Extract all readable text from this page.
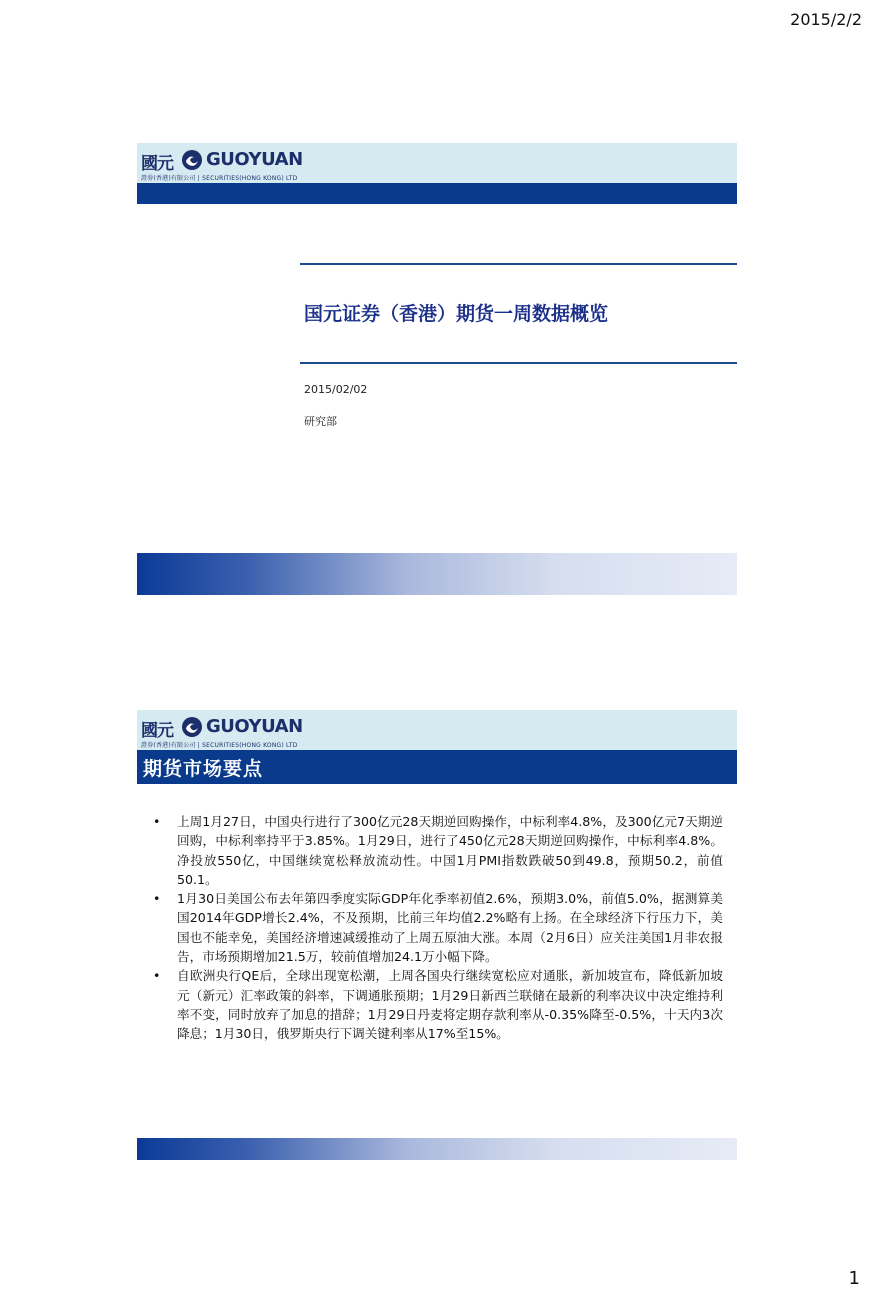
2015/2/2
國元 GUOYUAN
證券(香港)有限公司 | SECURITIES(HONG KONG) LTD
国元证券（香港）期货一周数据概览
2015/02/02
研究部
國元 GUOYUAN
證券(香港)有限公司 | SECURITIES(HONG KONG) LTD
期货市场要点
• 上周1月27日，中国央行进行了300亿元28天期逆回购操作，中标利率4.8%，及300亿元7天期逆回购，中标利率持平于3.85%。1月29日，进行了450亿元28天期逆回购操作，中标利率4.8%。净投放550亿，中国继续宽松释放流动性。中国1月PMI指数跌破50到49.8，预期50.2，前值50.1。
• 1月30日美国公布去年第四季度实际GDP年化季率初值2.6%，预期3.0%，前值5.0%，据测算美国2014年GDP增长2.4%，不及预期，比前三年均值2.2%略有上扬。在全球经济下行压力下，美国也不能幸免，美国经济增速减缓推动了上周五原油大涨。本周（2月6日）应关注美国1月非农报告，市场预期增加21.5万，较前值增加24.1万小幅下降。
• 自欧洲央行QE后，全球出现宽松潮，上周各国央行继续宽松应对通胀，新加坡宣布，降低新加坡元（新元）汇率政策的斜率，下调通胀预期；1月29日新西兰联储在最新的利率决议中决定维持利率不变，同时放弃了加息的措辞；1月29日丹麦将定期存款利率从-0.35%降至-0.5%，十天内3次降息；1月30日，俄罗斯央行下调关键利率从17%至15%。
1
